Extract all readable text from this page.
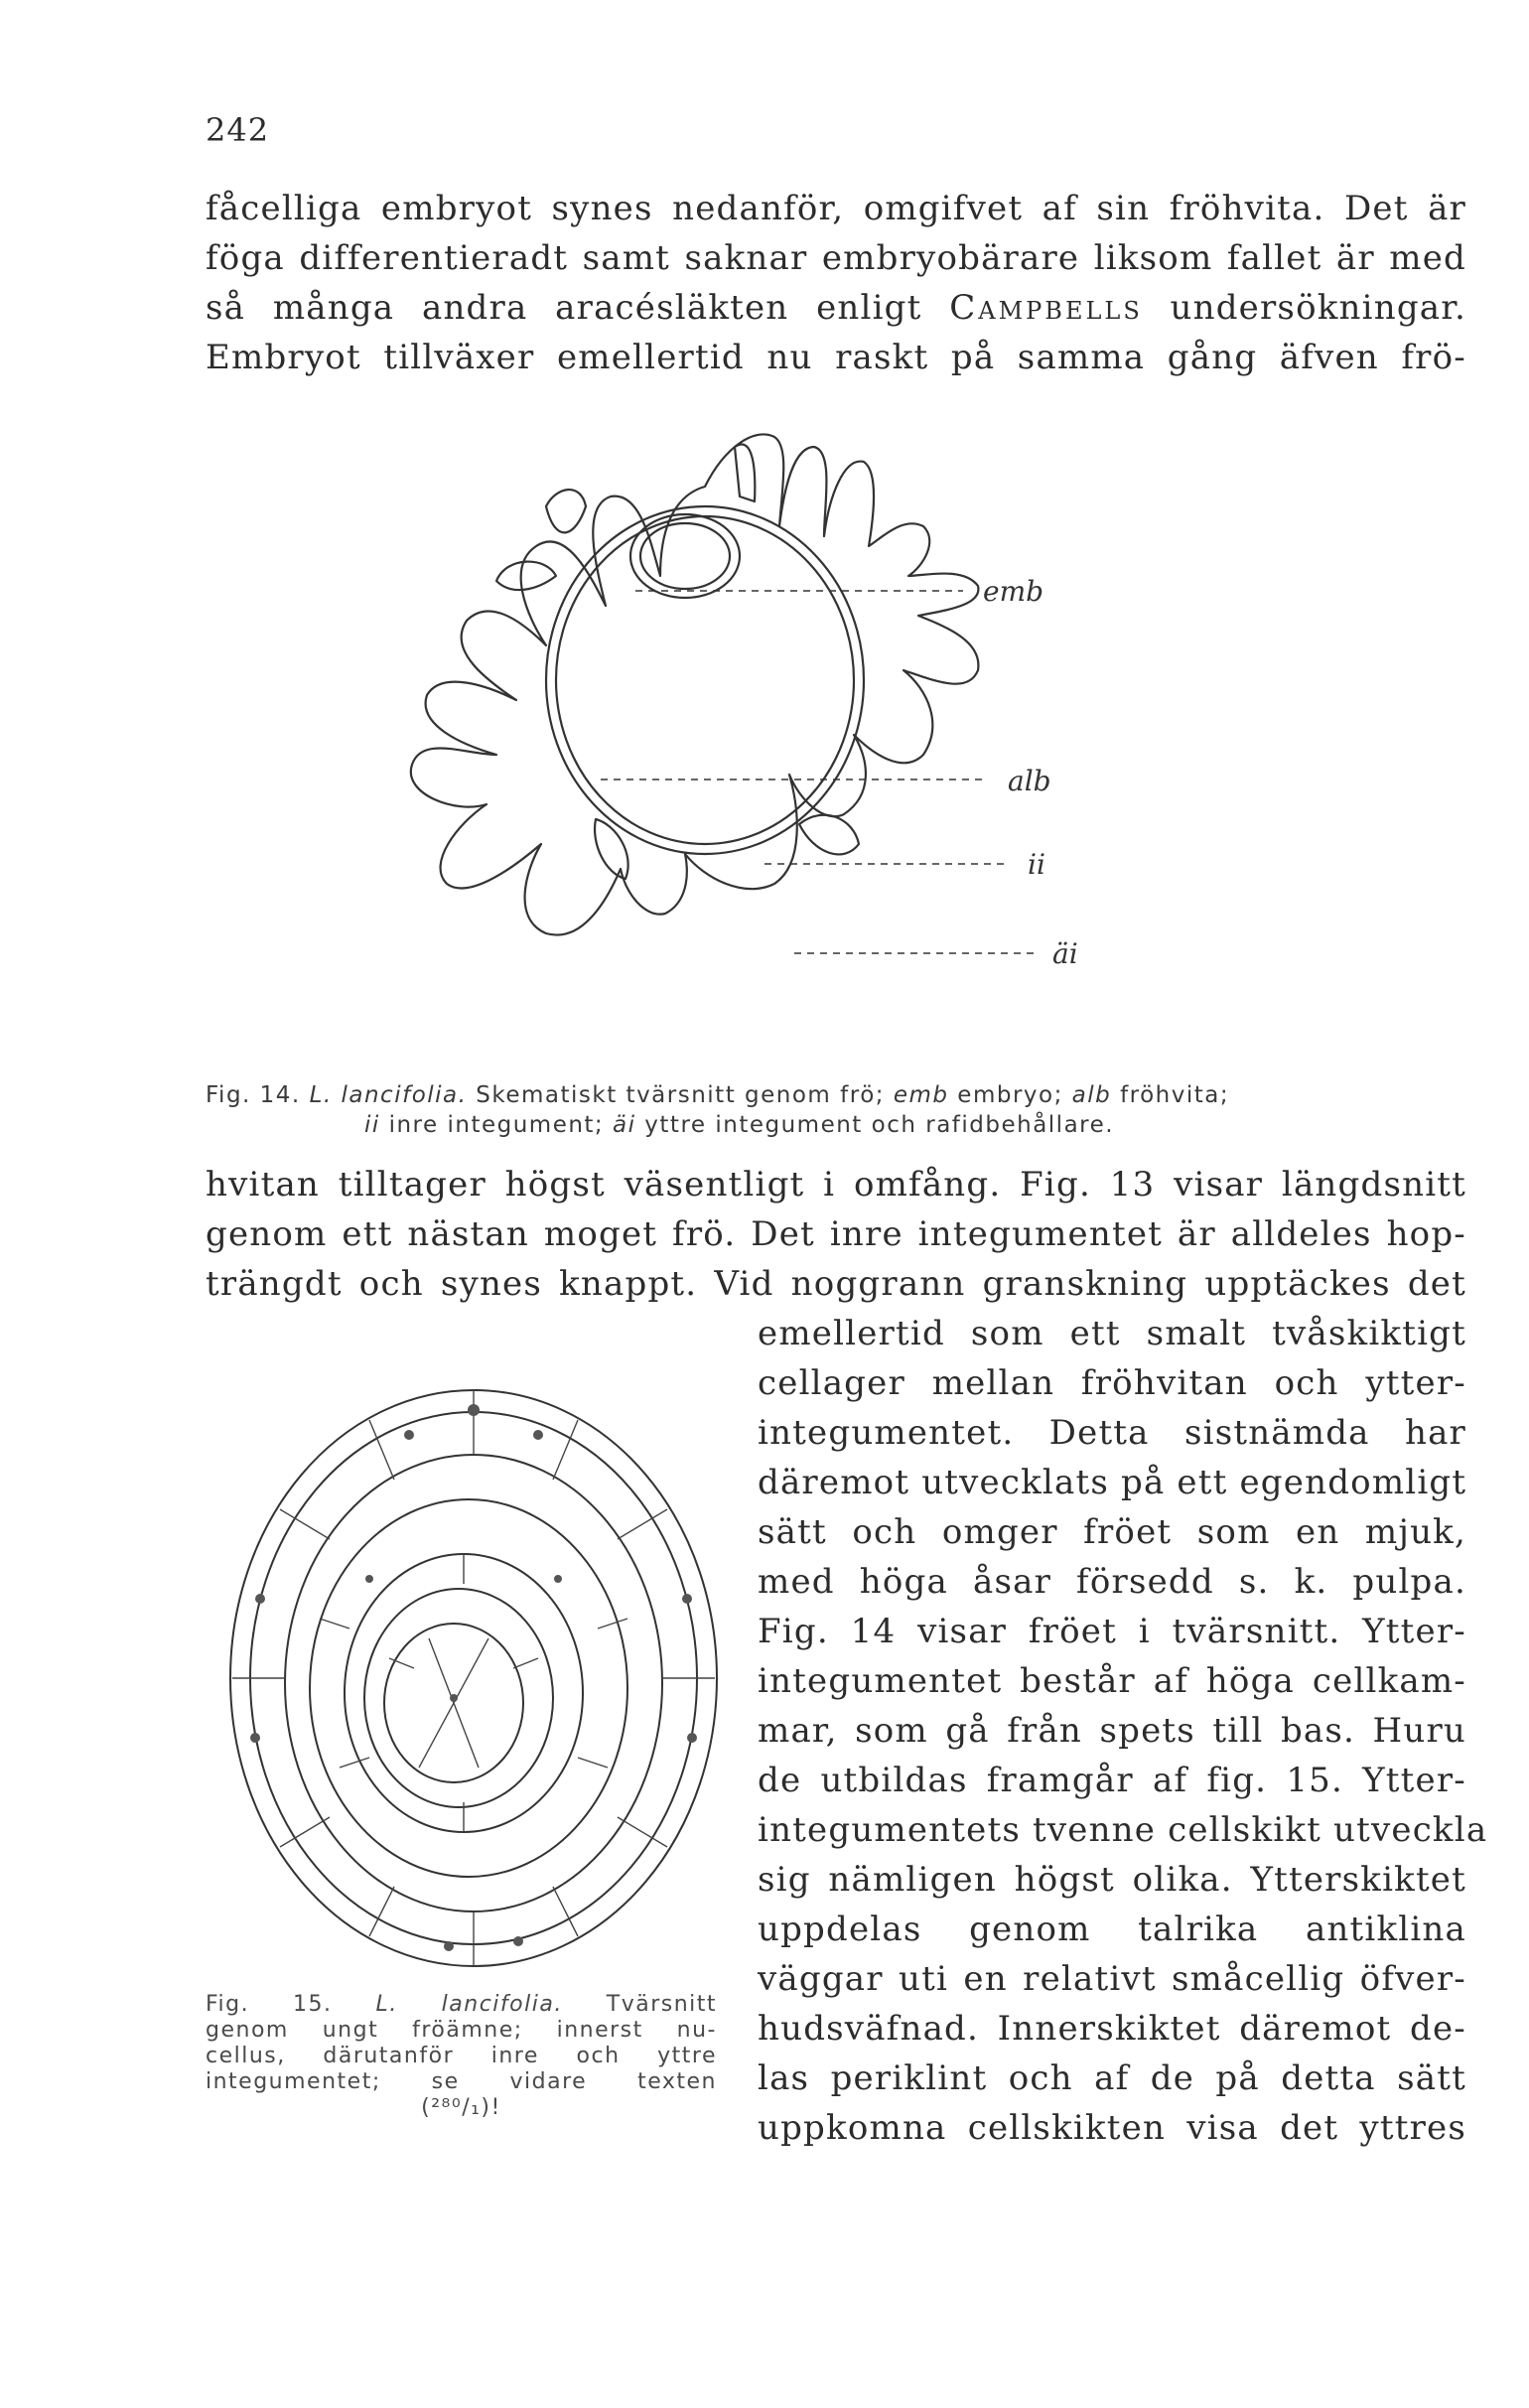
242
fåcelliga embryot synes nedanför, omgifvet af sin fröhvita. Det är
föga differentieradt samt saknar embryobärare liksom fallet är med
så många andra aracésläkten enligt Campbells undersökningar.
Embryot tillväxer emellertid nu raskt på samma gång äfven frö-
emb
alb
ii
äi
Fig. 14. L. lancifolia. Skematiskt tvärsnitt genom frö; emb embryo; alb fröhvita;
ii inre integument; äi yttre integument och rafidbehållare.
hvitan tilltager högst väsentligt i omfång. Fig. 13 visar längdsnitt
genom ett nästan moget frö. Det inre integumentet är alldeles hop-
trängdt och synes knappt. Vid noggrann granskning upptäckes det
Fig. 15. L. lancifolia. Tvärsnitt
genom ungt fröämne; innerst nu-
cellus, därutanför inre och yttre
integumentet; se vidare texten
(²⁸⁰/₁)!
emellertid som ett smalt tvåskiktigt
cellager mellan fröhvitan och ytter-
integumentet. Detta sistnämda har
däremot utvecklats på ett egendomligt
sätt och omger fröet som en mjuk,
med höga åsar försedd s. k. pulpa.
Fig. 14 visar fröet i tvärsnitt. Ytter-
integumentet består af höga cellkam-
mar, som gå från spets till bas. Huru
de utbildas framgår af fig. 15. Ytter-
integumentets tvenne cellskikt utveckla
sig nämligen högst olika. Ytterskiktet
uppdelas genom talrika antiklina
väggar uti en relativt småcellig öfver-
hudsväfnad. Innerskiktet däremot de-
las periklint och af de på detta sätt
uppkomna cellskikten visa det yttres
